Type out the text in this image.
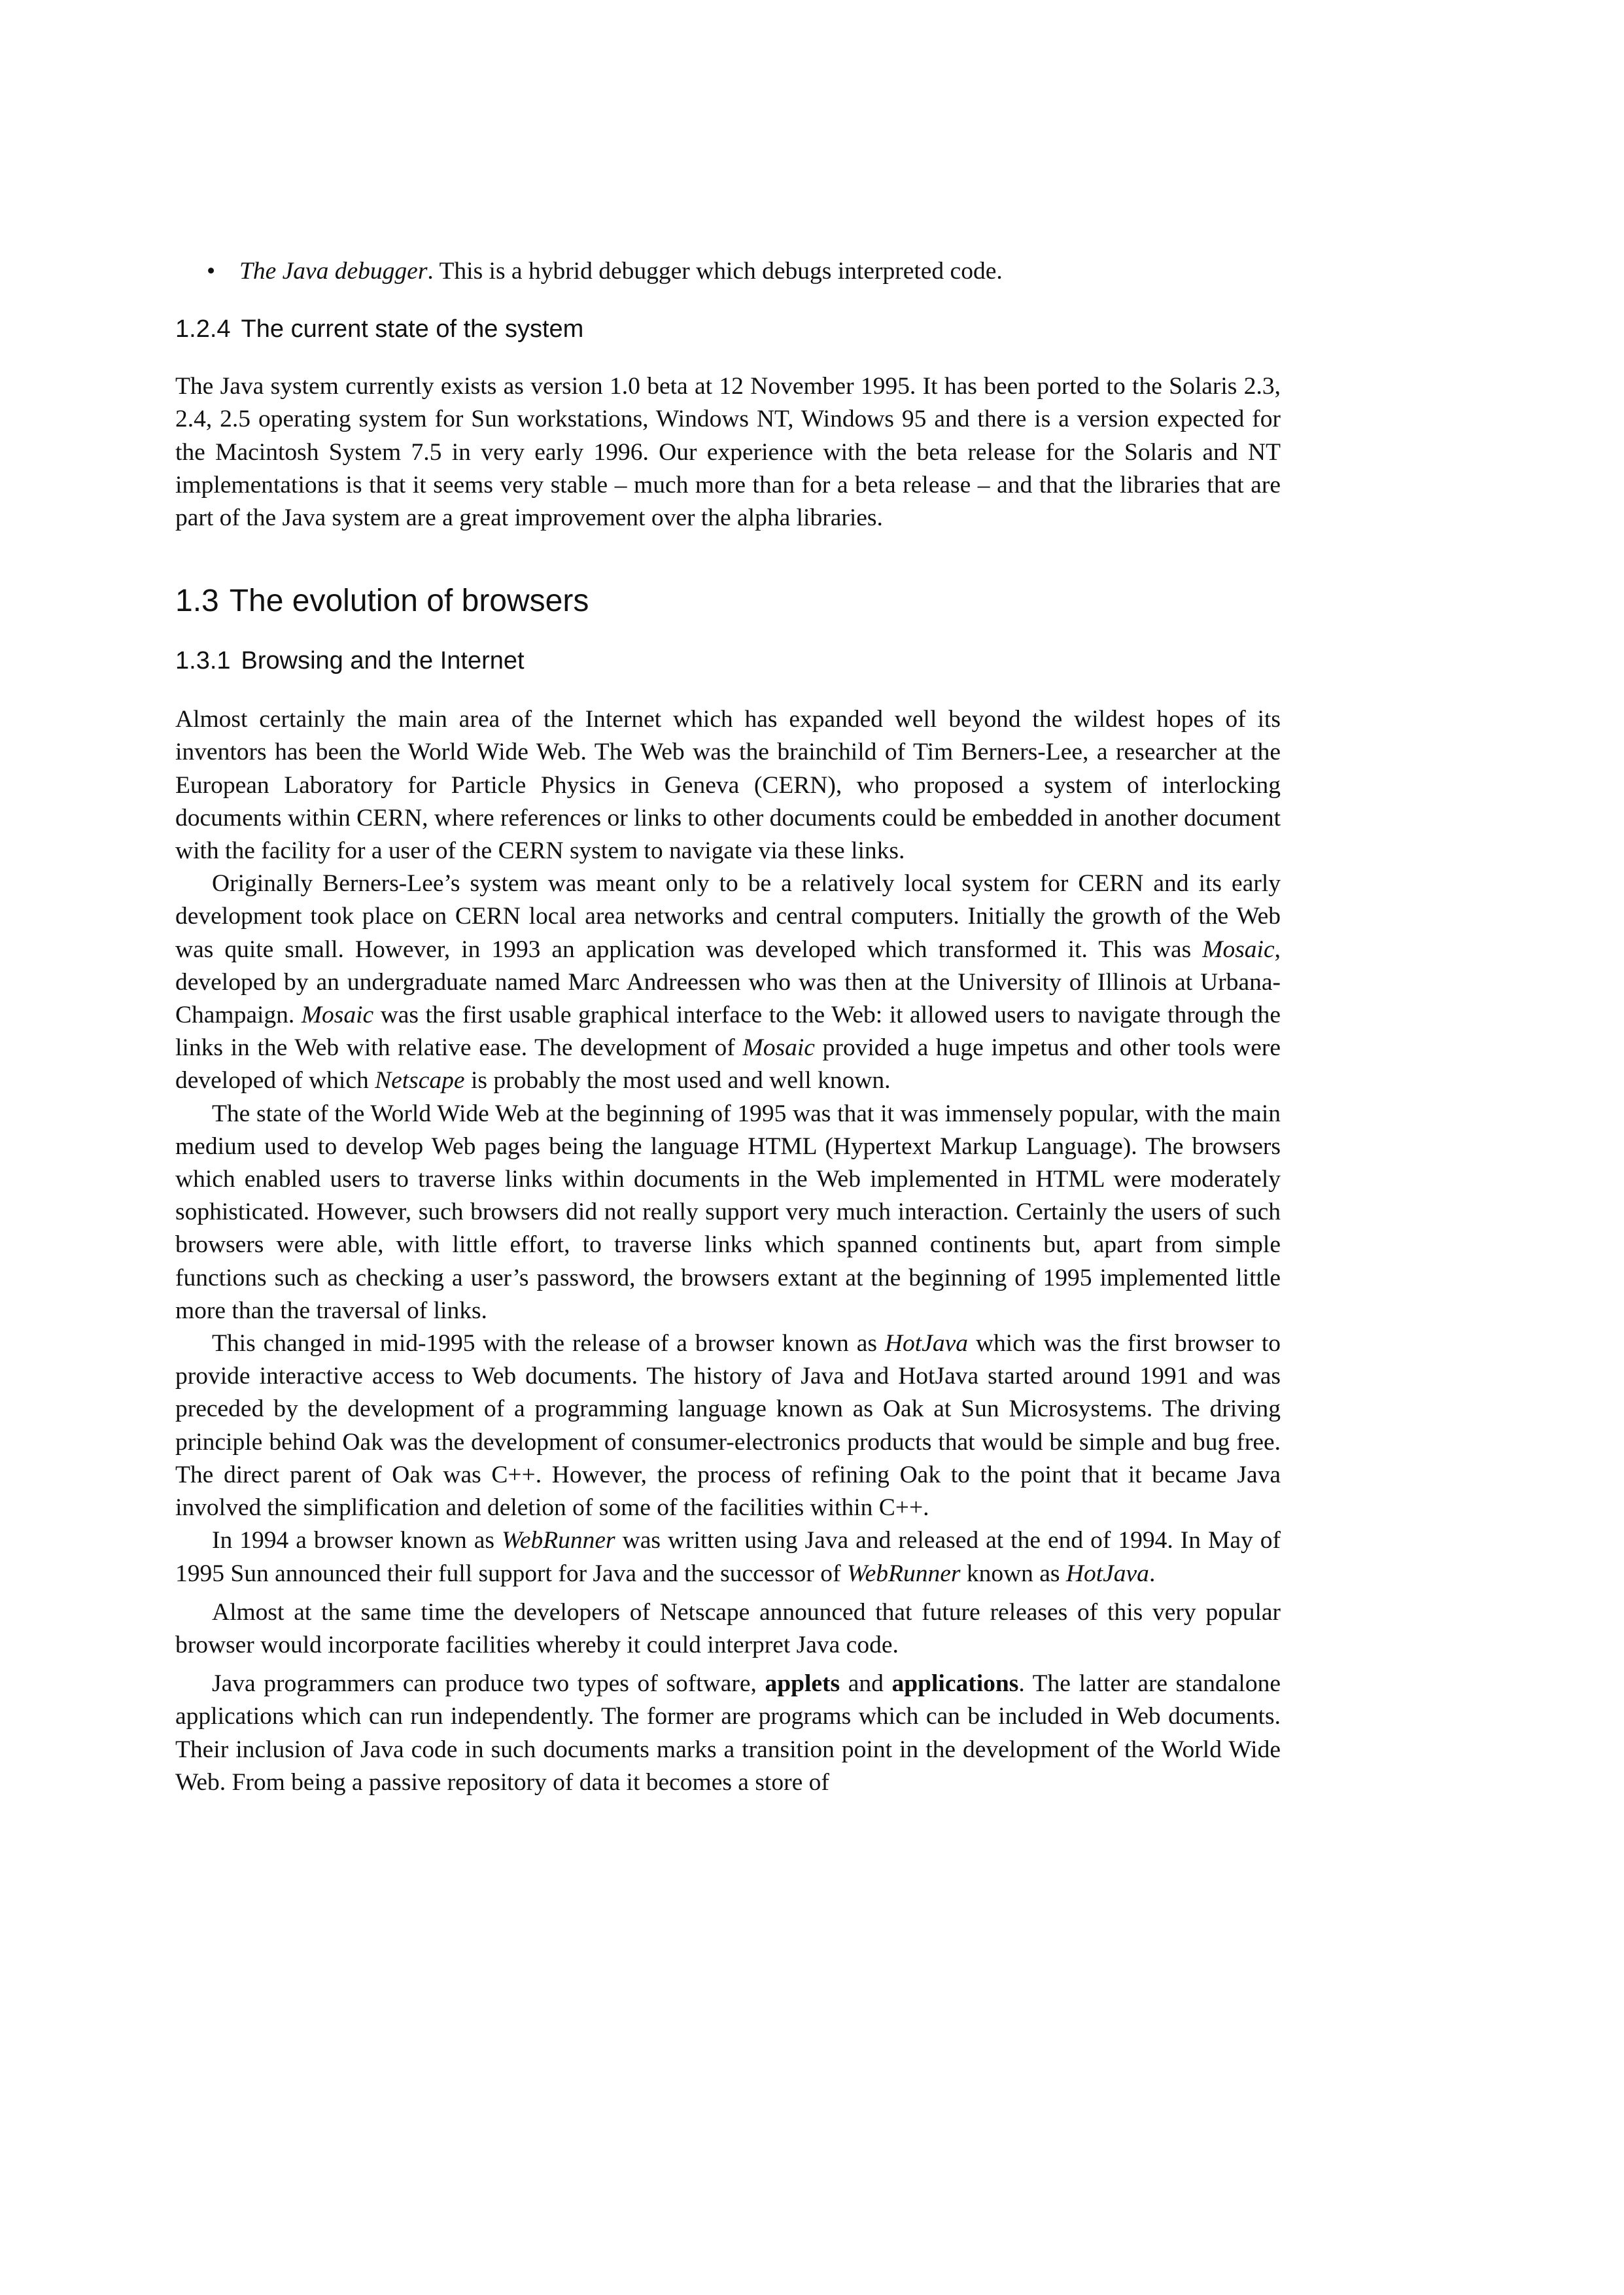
• The Java debugger. This is a hybrid debugger which debugs interpreted code.
1.2.4 The current state of the system

The Java system currently exists as version 1.0 beta at 12 November 1995. It has been ported to the Solaris 2.3, 2.4, 2.5 operating system for Sun workstations, Windows NT, Windows 95 and there is a version expected for the Macintosh System 7.5 in very early 1996. Our experience with the beta release for the Solaris and NT implementations is that it seems very stable – much more than for a beta release – and that the libraries that are part of the Java system are a great improvement over the alpha libraries.

1.3 The evolution of browsers
1.3.1 Browsing and the Internet

Almost certainly the main area of the Internet which has expanded well beyond the wildest hopes of its inventors has been the World Wide Web. The Web was the brainchild of Tim Berners-Lee, a researcher at the European Laboratory for Particle Physics in Geneva (CERN), who proposed a system of interlocking documents within CERN, where references or links to other documents could be embedded in another document with the facility for a user of the CERN system to navigate via these links.

Originally Berners-Lee’s system was meant only to be a relatively local system for CERN and its early development took place on CERN local area networks and central computers. Initially the growth of the Web was quite small. However, in 1993 an application was developed which transformed it. This was Mosaic, developed by an undergraduate named Marc Andreessen who was then at the University of Illinois at Urbana-Champaign. Mosaic was the first usable graphical interface to the Web: it allowed users to navigate through the links in the Web with relative ease. The development of Mosaic provided a huge impetus and other tools were developed of which Netscape is probably the most used and well known.

The state of the World Wide Web at the beginning of 1995 was that it was immensely popular, with the main medium used to develop Web pages being the language HTML (Hypertext Markup Language). The browsers which enabled users to traverse links within documents in the Web implemented in HTML were moderately sophisticated. However, such browsers did not really support very much interaction. Certainly the users of such browsers were able, with little effort, to traverse links which spanned continents but, apart from simple functions such as checking a user’s password, the browsers extant at the beginning of 1995 implemented little more than the traversal of links.

This changed in mid-1995 with the release of a browser known as HotJava which was the first browser to provide interactive access to Web documents. The history of Java and HotJava started around 1991 and was preceded by the development of a programming language known as Oak at Sun Microsystems. The driving principle behind Oak was the development of consumer-electronics products that would be simple and bug free. The direct parent of Oak was C++. However, the process of refining Oak to the point that it became Java involved the simplification and deletion of some of the facilities within C++.

In 1994 a browser known as WebRunner was written using Java and released at the end of 1994. In May of 1995 Sun announced their full support for Java and the successor of WebRunner known as HotJava.

Almost at the same time the developers of Netscape announced that future releases of this very popular browser would incorporate facilities whereby it could interpret Java code.

Java programmers can produce two types of software, applets and applications. The latter are standalone applications which can run independently. The former are programs which can be included in Web documents. Their inclusion of Java code in such documents marks a transition point in the development of the World Wide Web. From being a passive repository of data it becomes a store of
